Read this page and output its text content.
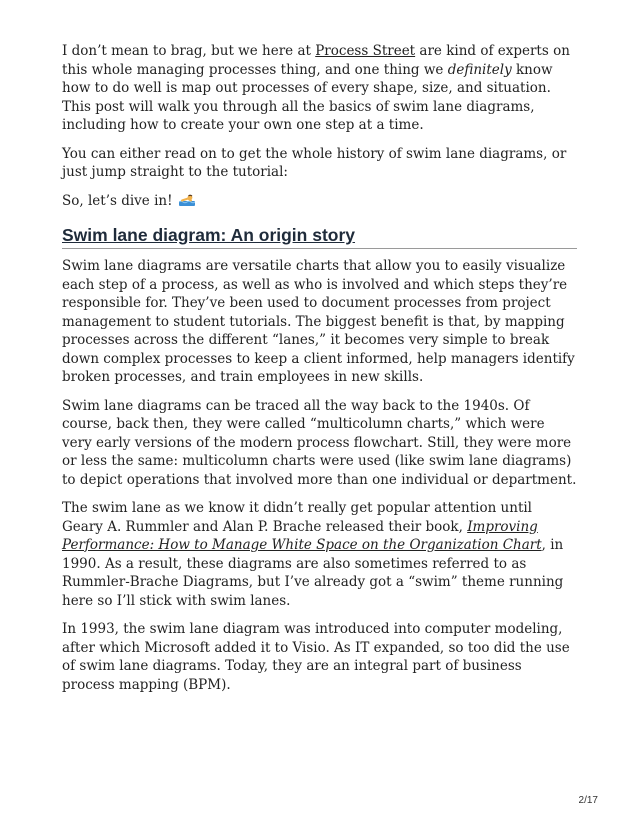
I don’t mean to brag, but we here at Process Street are kind of experts on this whole managing processes thing, and one thing we definitely know how to do well is map out processes of every shape, size, and situation. This post will walk you through all the basics of swim lane diagrams, including how to create your own one step at a time.

You can either read on to get the whole history of swim lane diagrams, or just jump straight to the tutorial:

So, let’s dive in!

Swim lane diagram: An origin story

Swim lane diagrams are versatile charts that allow you to easily visualize each step of a process, as well as who is involved and which steps they’re responsible for. They’ve been used to document processes from project management to student tutorials. The biggest benefit is that, by mapping processes across the different “lanes,” it becomes very simple to break down complex processes to keep a client informed, help managers identify broken processes, and train employees in new skills.

Swim lane diagrams can be traced all the way back to the 1940s. Of course, back then, they were called “multicolumn charts,” which were very early versions of the modern process flowchart. Still, they were more or less the same: multicolumn charts were used (like swim lane diagrams) to depict operations that involved more than one individual or department.

The swim lane as we know it didn’t really get popular attention until Geary A. Rummler and Alan P. Brache released their book, Improving Performance: How to Manage White Space on the Organization Chart, in 1990. As a result, these diagrams are also sometimes referred to as Rummler-Brache Diagrams, but I’ve already got a “swim” theme running here so I’ll stick with swim lanes.

In 1993, the swim lane diagram was introduced into computer modeling, after which Microsoft added it to Visio. As IT expanded, so too did the use of swim lane diagrams. Today, they are an integral part of business process mapping (BPM).

2/17
